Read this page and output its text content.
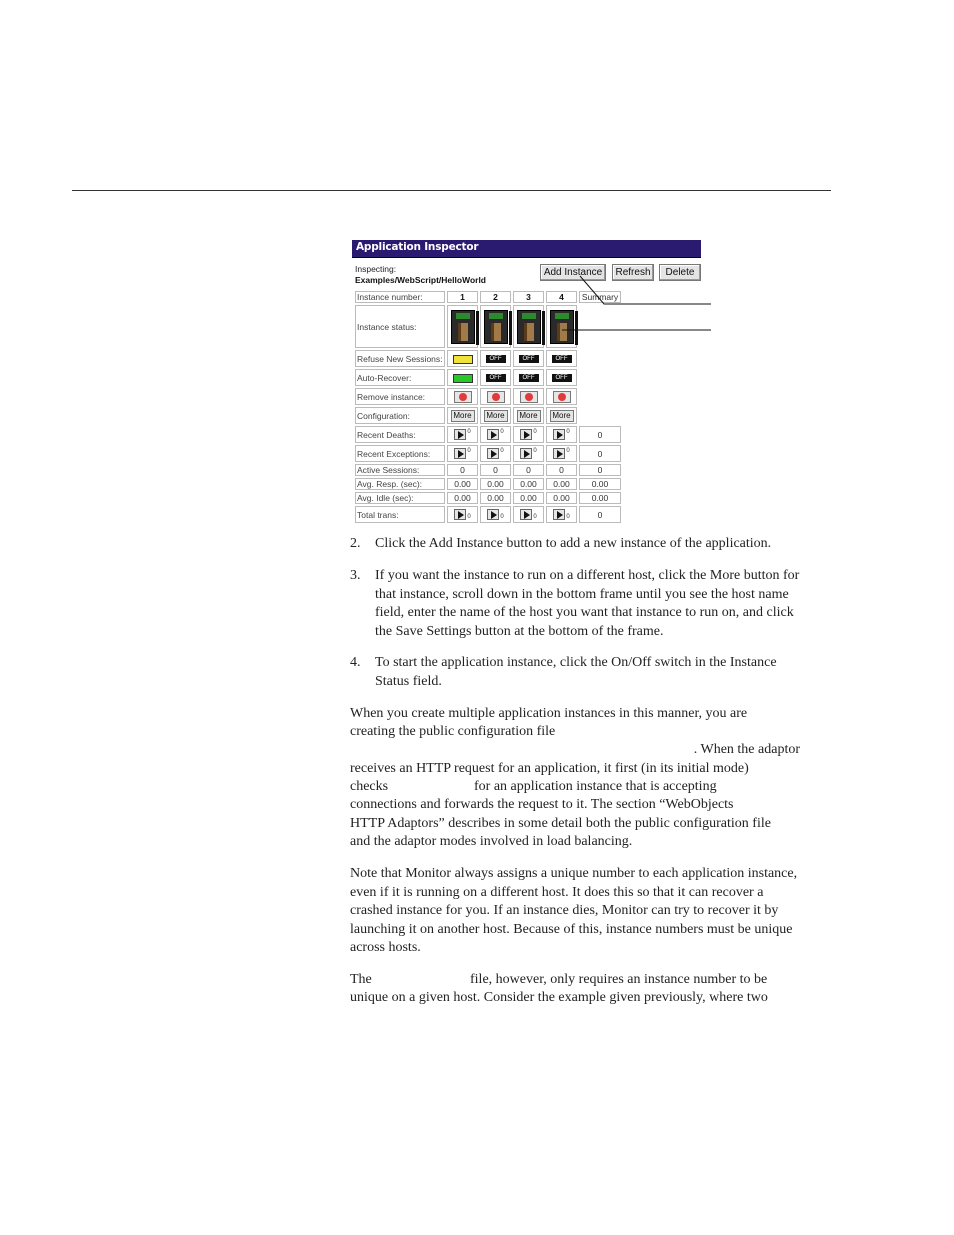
Application Inspector
Inspecting:
Examples/WebScript/HelloWorld
Add Instance	Refresh	Delete
Instance number:	1	2	3	4	Summary
Instance status:	

Refuse New Sessions:		OFF	OFF	OFF	
Auto-Recover:		OFF	OFF	OFF	
Remove instance:					
Configuration:	More	More	More	More	
Recent Deaths:	$^0$	$^0$	$^0$	$^0$	0
Recent Exceptions:	$^0$	$^0$	$^0$	$^0$	0
Active Sessions:	0	0	0	0	0
Avg. Resp. (sec):	0.00	0.00	0.00	0.00	0.00
Avg. Idle (sec):	0.00	0.00	0.00	0.00	0.00
Total trans:	0	0	0	0	0
2. Click the Add Instance button to add a new instance of the application.
3. If you want the instance to run on a different host, click the More button for that instance, scroll down in the bottom frame until you see the host name field, enter the name of the host you want that instance to run on, and click the Save Settings button at the bottom of the frame.
4. To start the application instance, click the On/Off switch in the Instance Status field.
When you create multiple application instances in this manner, you are
creating the public configuration file
. When the adaptor
receives an HTTP request for an application, it first (in its initial mode)
checks	for an application instance that is accepting
connections and forwards the request to it. The section “WebObjects
HTTP Adaptors” describes in some detail both the public configuration file
and the adaptor modes involved in load balancing.
Note that Monitor always assigns a unique number to each application instance, even if it is running on a different host. It does this so that it can recover a crashed instance for you. If an instance dies, Monitor can try to recover it by launching it on another host. Because of this, instance numbers must be unique across hosts.
The	file, however, only requires an instance number to be
unique on a given host. Consider the example given previously, where two
